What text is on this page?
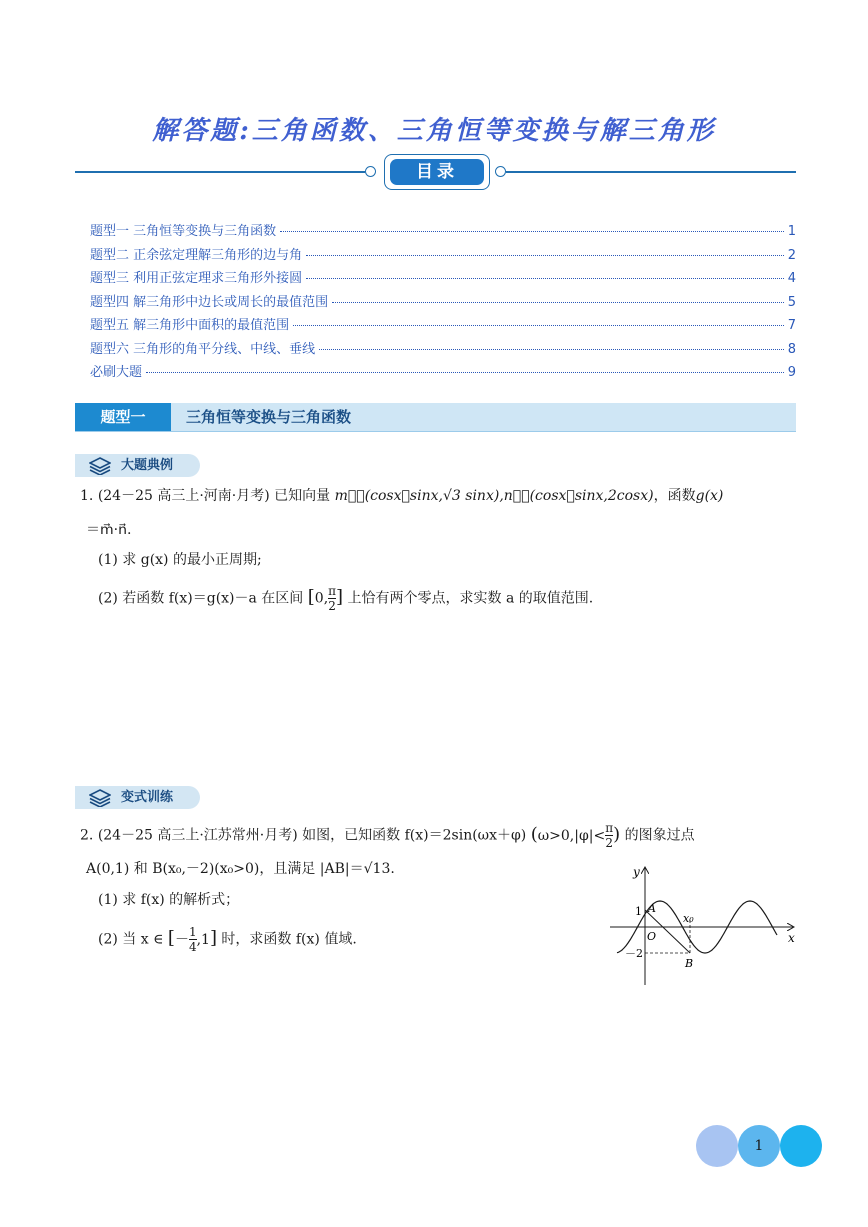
解答题:三角函数、三角恒等变换与解三角形
目录
题型一 三角恒等变换与三角函数	1
题型二 正余弦定理解三角形的边与角	2
题型三 利用正弦定理求三角形外接圆	4
题型四 解三角形中边长或周长的最值范围	5
题型五 解三角形中面积的最值范围	7
题型六 三角形的角平分线、中线、垂线	8
必刷大题	9
题型一	三角恒等变换与三角函数
大题典例
1. (24－25 高三上·河南·月考) 已知向量 m⃗＝(cosx＋sinx,√3 sinx),n⃗＝(cosx－sinx,2cosx)，函数g(x)
＝m⃗·n⃗.
(1) 求 g(x) 的最小正周期;
(2) 若函数 f(x)＝g(x)－a 在区间 [0, $\frac{\pi}{2}$ ] 上恰有两个零点，求实数 a 的取值范围.
变式训练
2. (24－25 高三上·江苏常州·月考) 如图，已知函数 f(x)＝2sin(ωx＋φ) ($\omega>0,|\varphi|< \frac{\pi}{2}$ ) 的图象过点
A(0,1) 和 B(x₀,－2)(x₀>0)，且满足 |AB|＝√13.
(1) 求 f(x) 的解析式；
(2) 当 x ∈ [－ $\frac{1}{4} ,1$] 时，求函数 f(x) 值域.
y
x
1
－2
A
O
x₀
B
1
